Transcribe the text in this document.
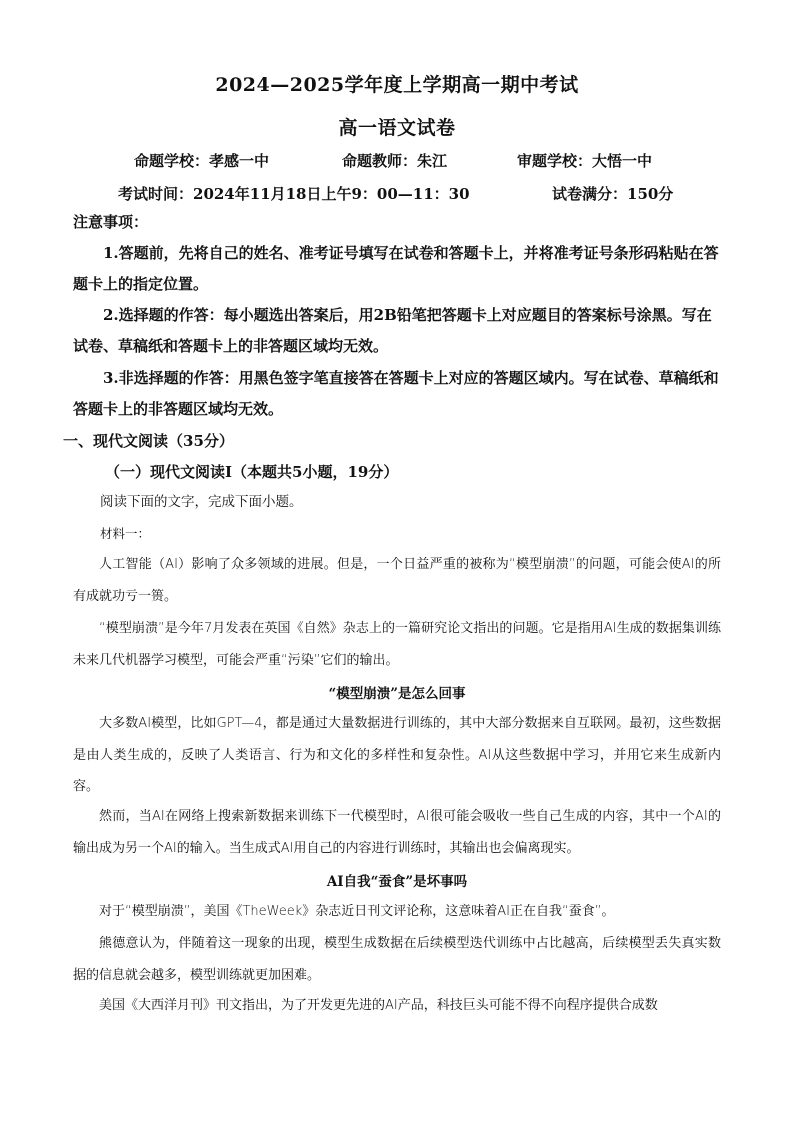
2024—2025学年度上学期高一期中考试
高一语文试卷
命题学校：孝感一中	命题教师：朱江	审题学校：大悟一中
考试时间：2024年11月18日上午9：00—11：30	试卷满分：150分
注意事项：
1.答题前，先将自己的姓名、准考证号填写在试卷和答题卡上，并将准考证号条形码粘贴在答题卡上的指定位置。
2.选择题的作答：每小题选出答案后，用2B铅笔把答题卡上对应题目的答案标号涂黑。写在试卷、草稿纸和答题卡上的非答题区域均无效。
3.非选择题的作答：用黑色签字笔直接答在答题卡上对应的答题区域内。写在试卷、草稿纸和答题卡上的非答题区域均无效。
一、现代文阅读（35分）
（一）现代文阅读Ⅰ（本题共5小题，19分）
阅读下面的文字，完成下面小题。
材料一：
人工智能（AI）影响了众多领域的进展。但是，一个日益严重的被称为“模型崩溃”的问题，可能会使AI的所有成就功亏一篑。
“模型崩溃”是今年7月发表在英国《自然》杂志上的一篇研究论文指出的问题。它是指用AI生成的数据集训练未来几代机器学习模型，可能会严重“污染”它们的输出。
“模型崩溃”是怎么回事
大多数AI模型，比如GPT—4，都是通过大量数据进行训练的，其中大部分数据来自互联网。最初，这些数据是由人类生成的，反映了人类语言、行为和文化的多样性和复杂性。AI从这些数据中学习，并用它来生成新内容。
然而，当AI在网络上搜索新数据来训练下一代模型时，AI很可能会吸收一些自己生成的内容，其中一个AI的输出成为另一个AI的输入。当生成式AI用自己的内容进行训练时，其输出也会偏离现实。
AI自我“蚕食”是坏事吗
对于“模型崩溃”，美国《TheWeek》杂志近日刊文评论称，这意味着AI正在自我“蚕食”。
熊德意认为，伴随着这一现象的出现，模型生成数据在后续模型迭代训练中占比越高，后续模型丢失真实数据的信息就会越多，模型训练就更加困难。
美国《大西洋月刊》刊文指出，为了开发更先进的AI产品，科技巨头可能不得不向程序提供合成数
